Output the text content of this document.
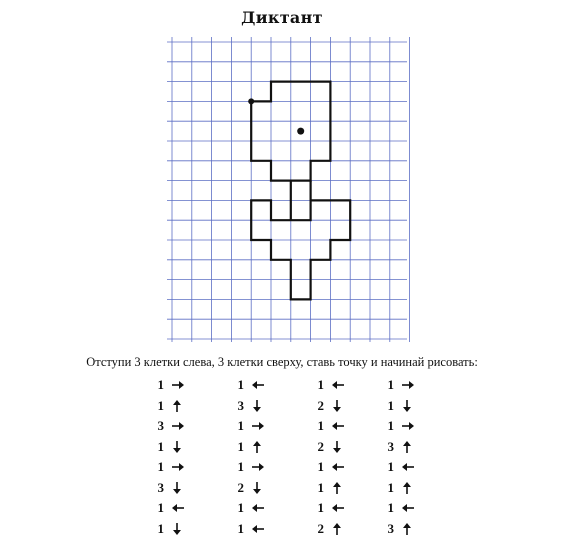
Диктант
Отступи 3 клетки слева, 3 клетки сверху, ставь точку и начинай рисовать:
1
1
3
1
1
3
1
1
1
3
1
1
1
2
1
1
1
2
1
2
1
1
1
2
1
1
1
3
1
1
1
3
